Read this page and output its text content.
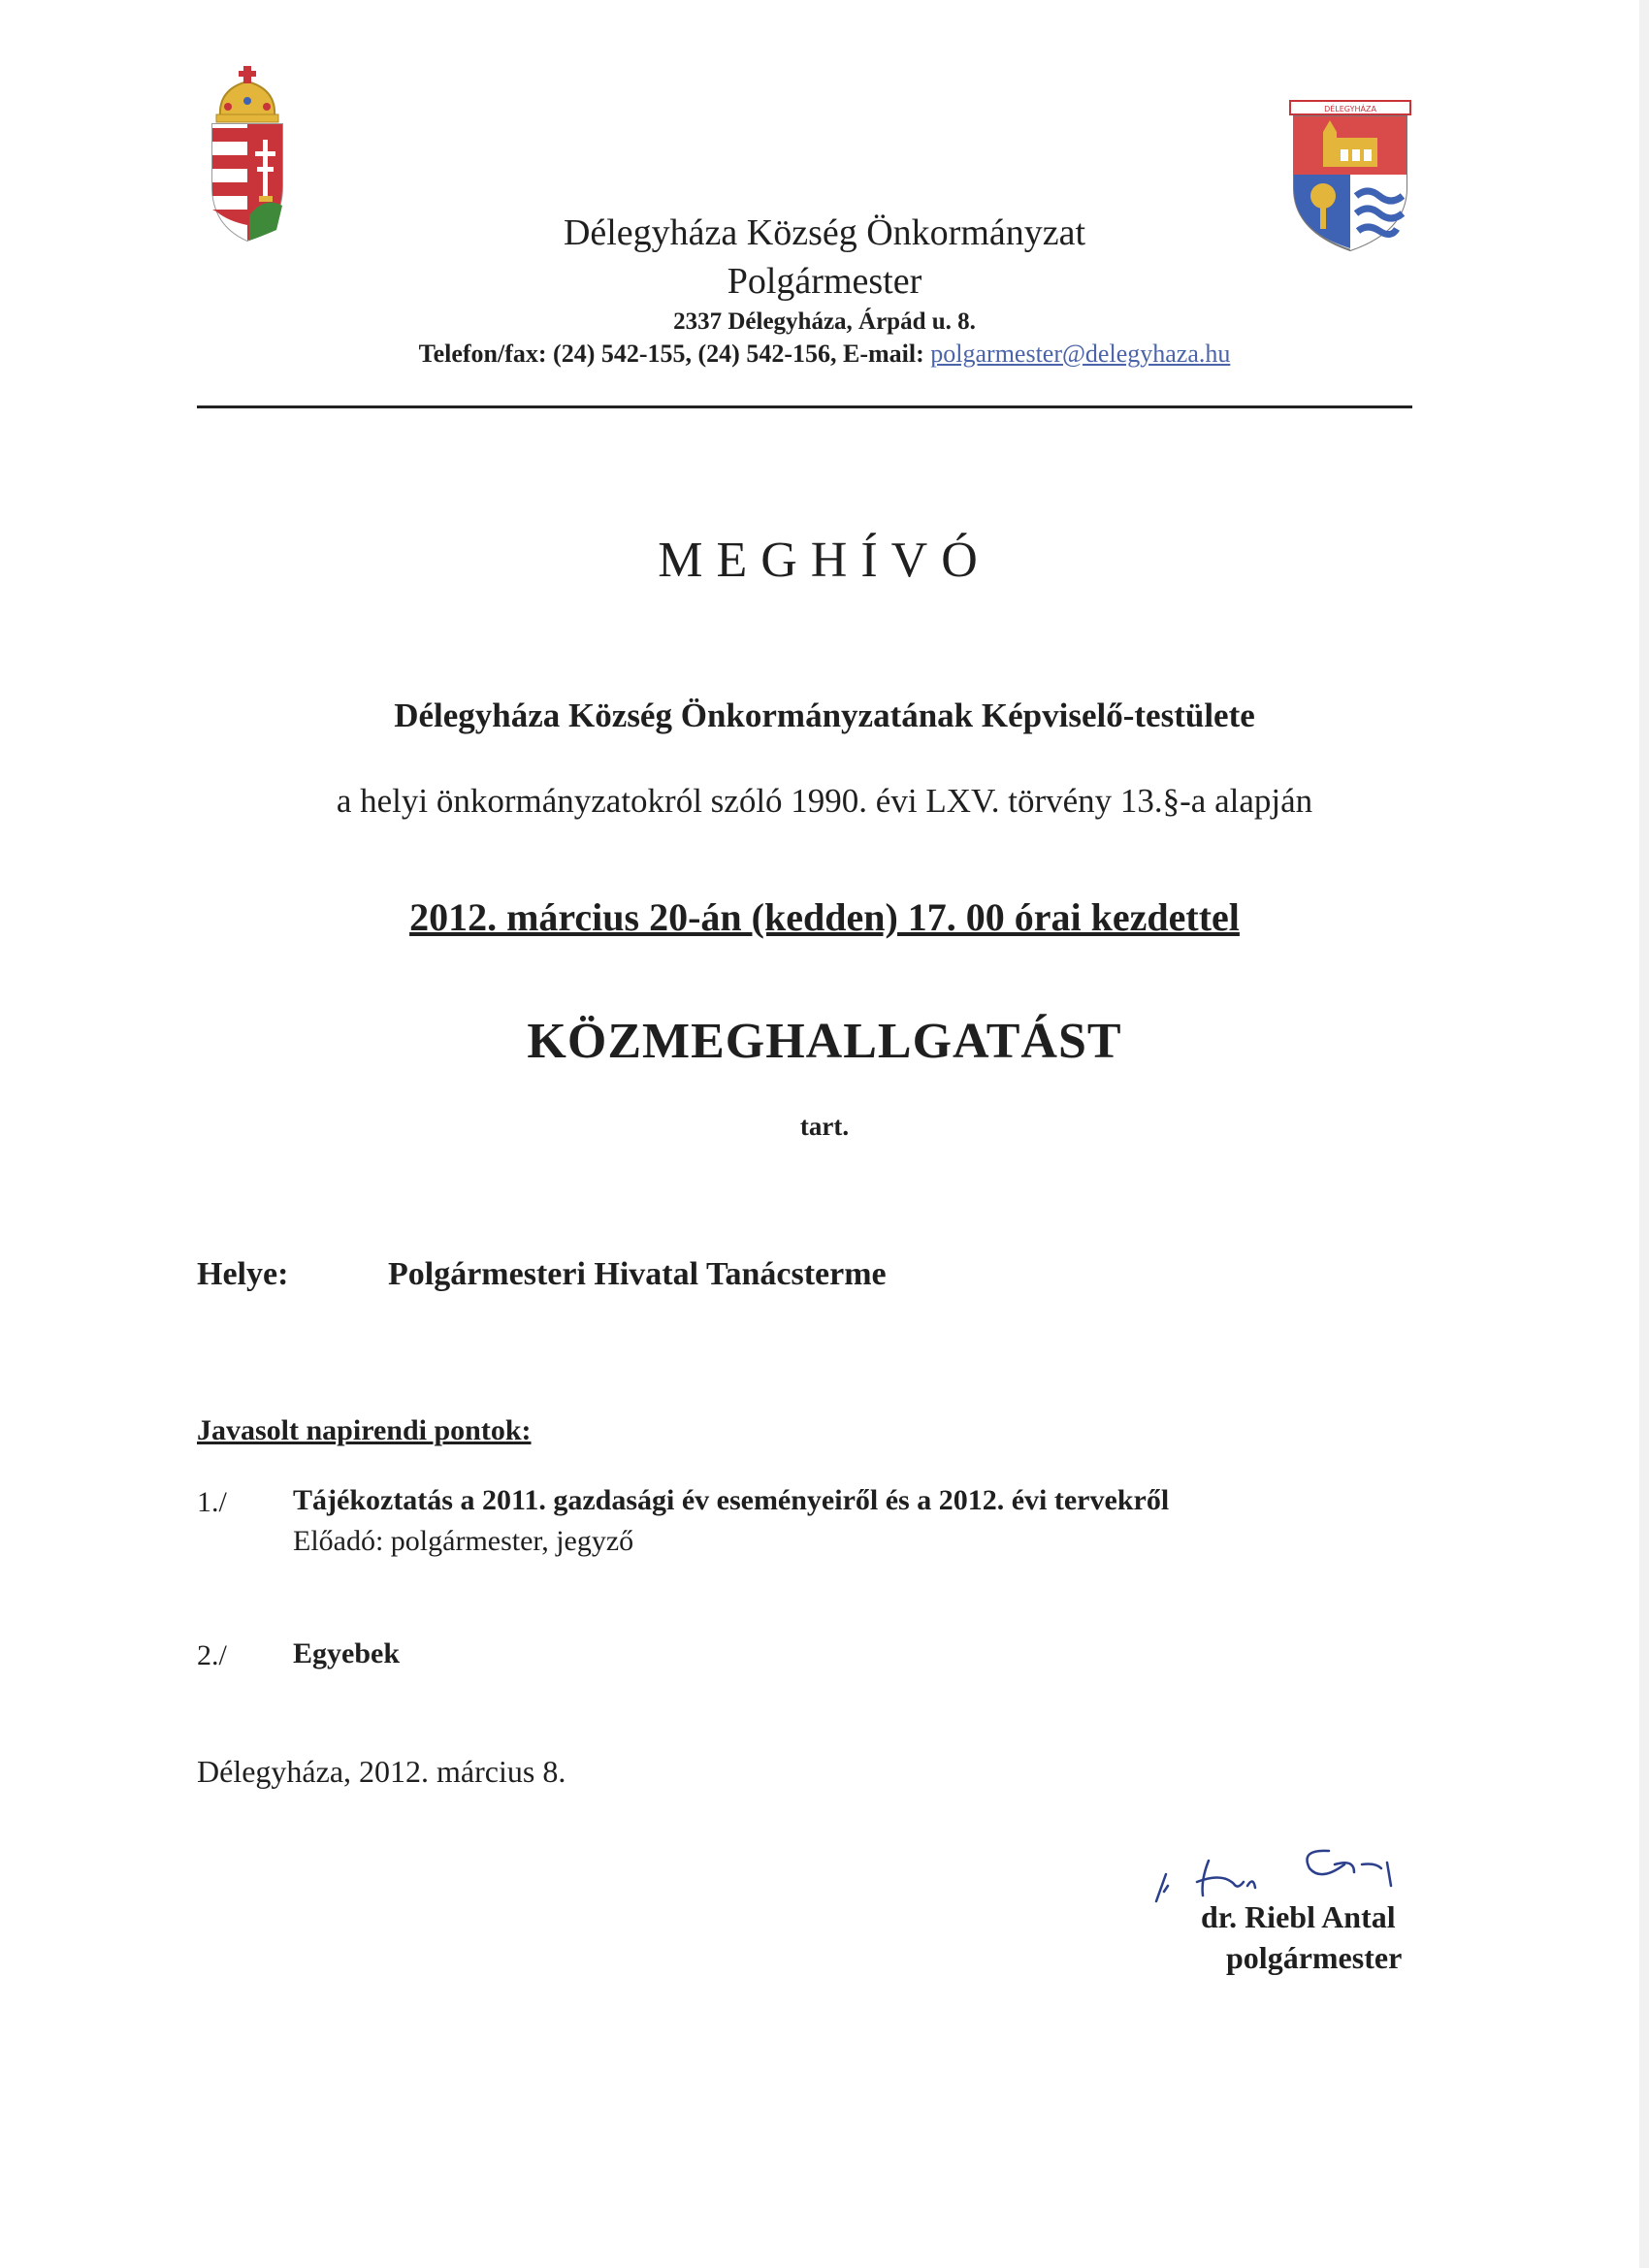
DÉLEGYHÁZA
Délegyháza Község Önkormányzat
Polgármester
2337 Délegyháza, Árpád u. 8.
Telefon/fax: (24) 542-155, (24) 542-156, E-mail: polgarmester@delegyhaza.hu
MEGHÍVÓ
Délegyháza Község Önkormányzatának Képviselő-testülete
a helyi önkormányzatokról szóló 1990. évi LXV. törvény 13.§-a alapján
2012. március 20-án (kedden) 17. 00 órai kezdettel
KÖZMEGHALLGATÁST
tart.
Helye:	Polgármesteri Hivatal Tanácsterme
Javasolt napirendi pontok:
1./ Tájékoztatás a 2011. gazdasági év eseményeiről és a 2012. évi tervekről
Előadó: polgármester, jegyző
2./ Egyebek
Délegyháza, 2012. március 8.
dr. Riebl Antal
polgármester
